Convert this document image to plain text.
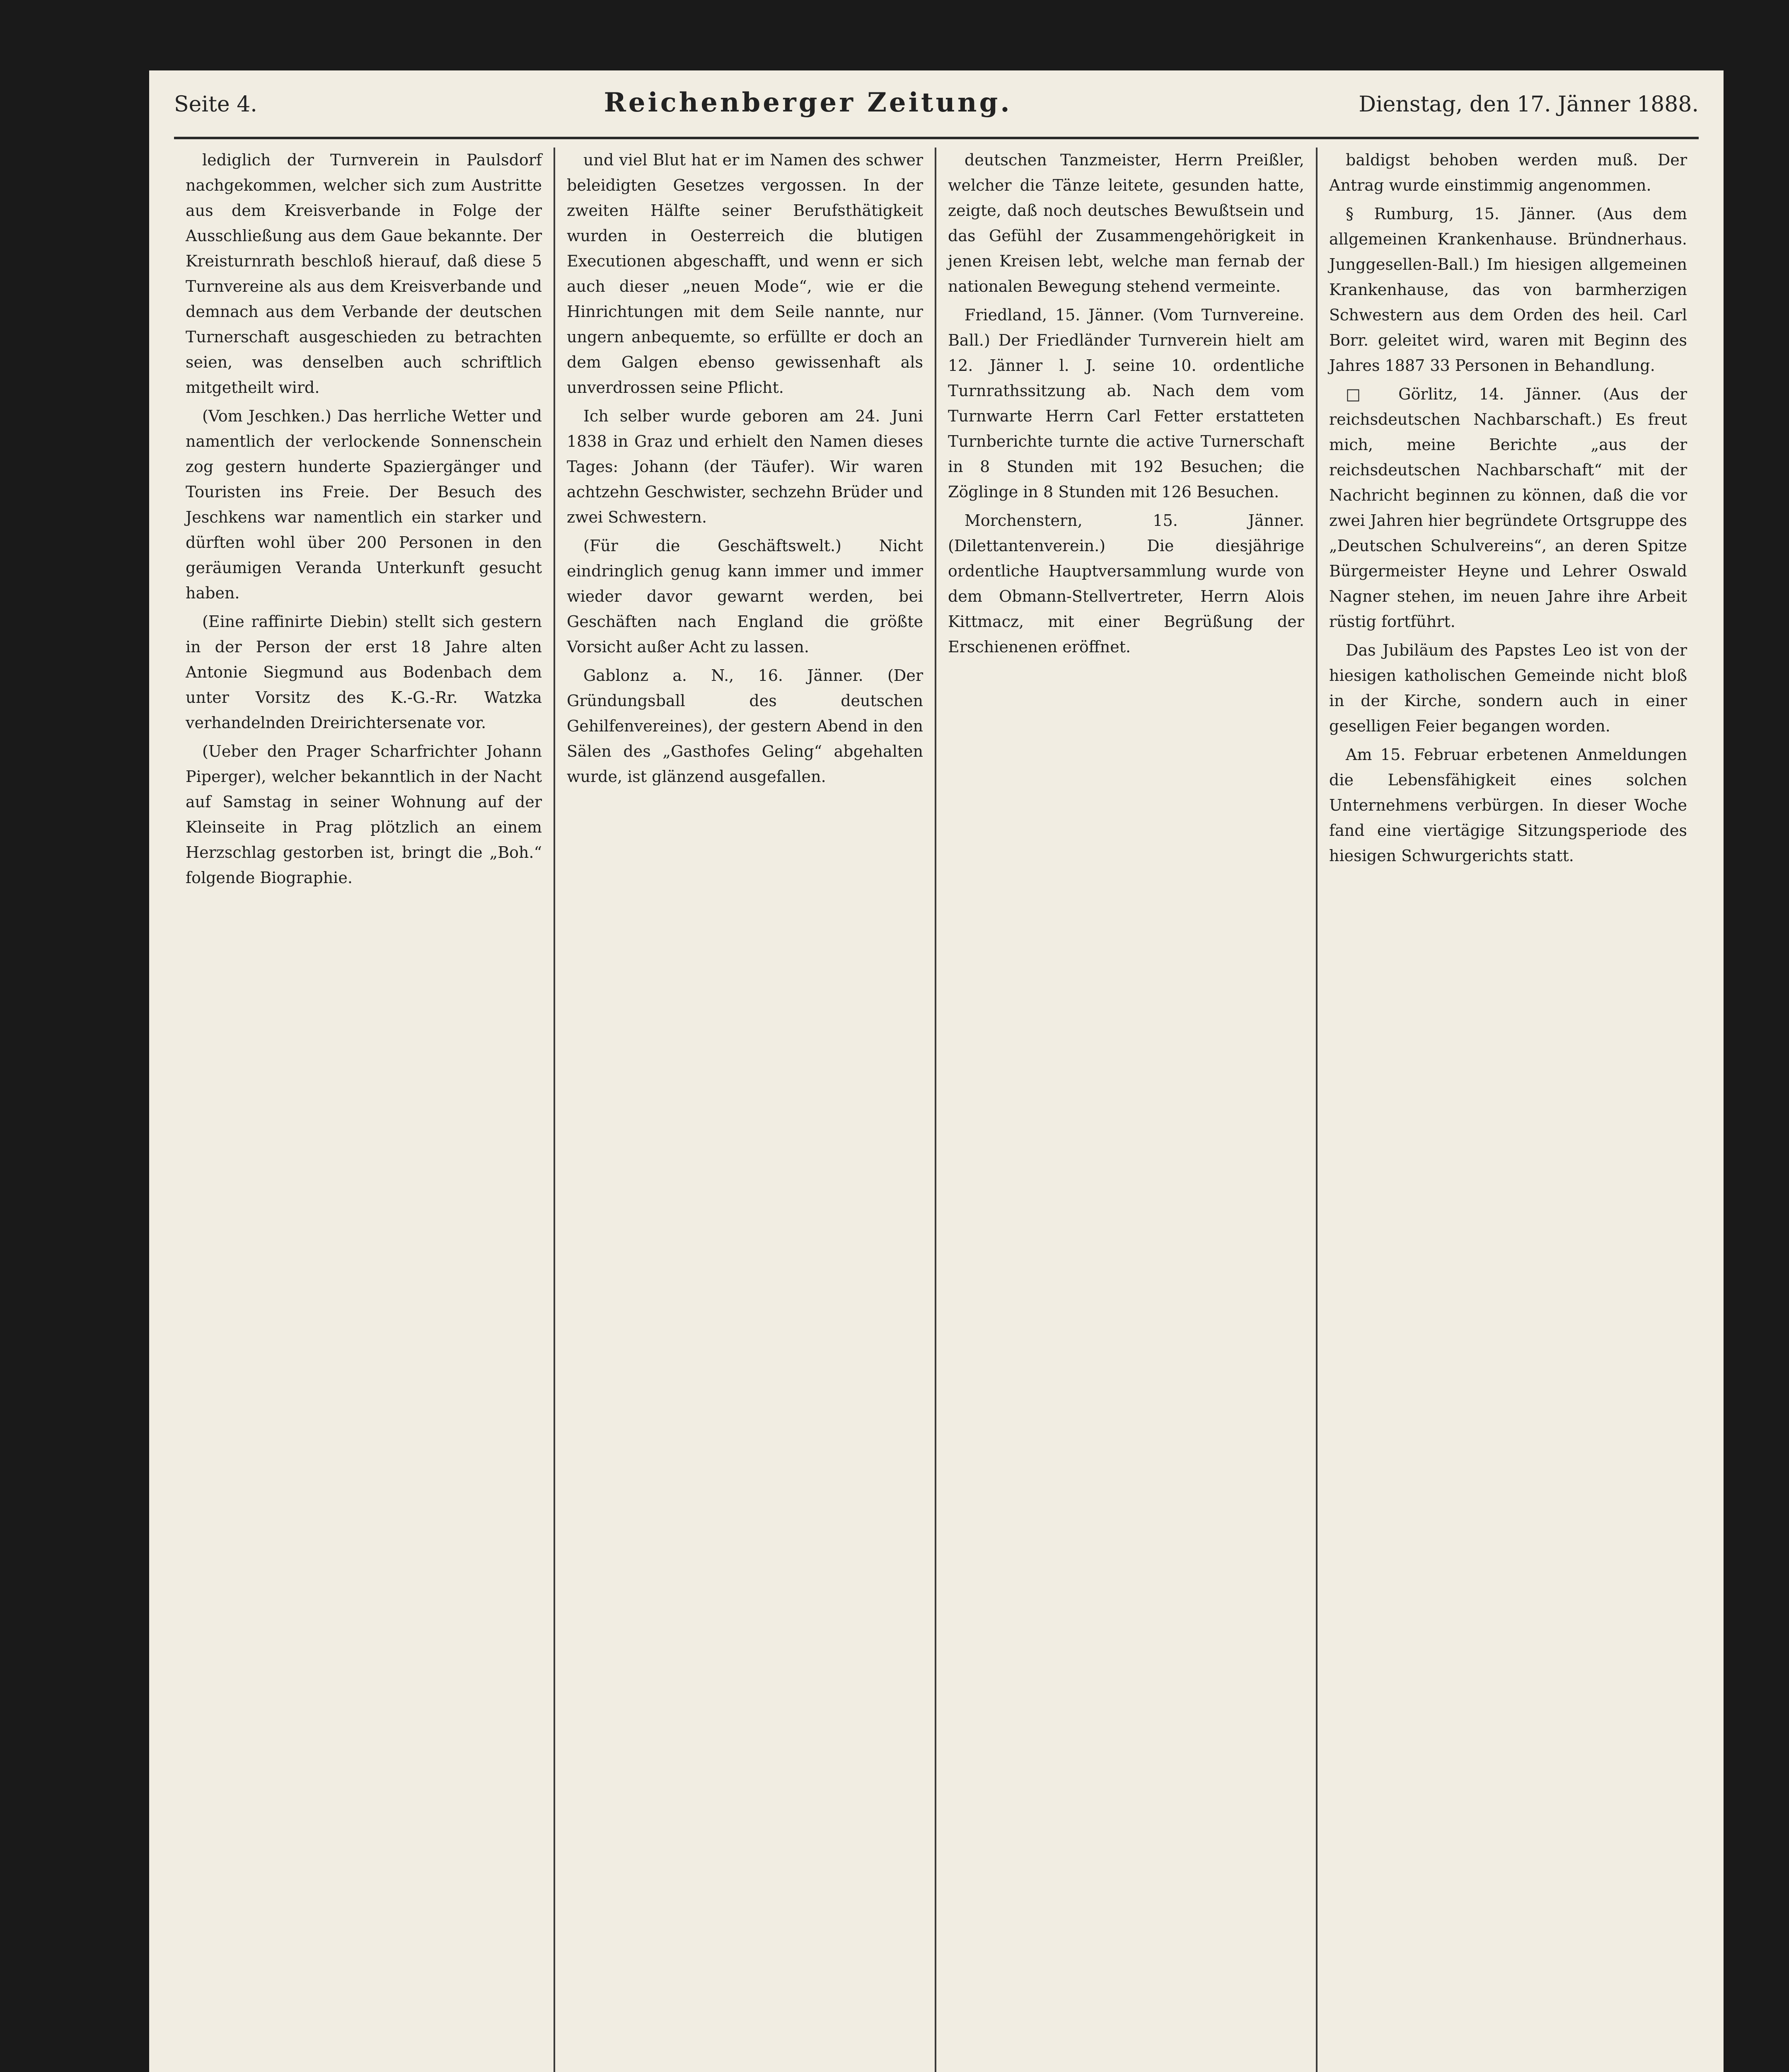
Seite 4.	Reichenberger Zeitung.	Dienstag, den 17. Jänner 1888.

lediglich der Turnverein in Paulsdorf nachgekommen, welcher sich zum Austritte aus dem Kreisverbande in Folge der Ausschließung aus dem Gaue bekannte. Der Kreisturnrath beschloß hierauf, daß diese 5 Turnvereine als aus dem Kreisverbande und demnach aus dem Verbande der deutschen Turnerschaft ausgeschieden zu betrachten seien, was denselben auch schriftlich mitgetheilt wird.

(Vom Jeschken.) Das herrliche Wetter und namentlich der verlockende Sonnenschein zog gestern hunderte Spaziergänger und Touristen ins Freie. Der Besuch des Jeschkens war namentlich ein starker und dürften wohl über 200 Personen in den geräumigen Veranda Unterkunft gesucht haben.

(Eine raffinirte Diebin) stellt sich gestern in der Person der erst 18 Jahre alten Antonie Siegmund aus Bodenbach dem unter Vorsitz des K.-G.-Rr. Watzka verhandelnden Dreirichtersenate vor.

(Ueber den Prager Scharfrichter Johann Piperger), welcher bekanntlich in der Nacht auf Samstag in seiner Wohnung auf der Kleinseite in Prag plötzlich an einem Herzschlag gestorben ist, bringt die „Boh.“ folgende Biographie.

und viel Blut hat er im Namen des schwer beleidigten Gesetzes vergossen. In der zweiten Hälfte seiner Berufsthätigkeit wurden in Oesterreich die blutigen Executionen abgeschafft, und wenn er sich auch dieser „neuen Mode“, wie er die Hinrichtungen mit dem Seile nannte, nur ungern anbequemte, so erfüllte er doch an dem Galgen ebenso gewissenhaft als unverdrossen seine Pflicht.

Ich selber wurde geboren am 24. Juni 1838 in Graz und erhielt den Namen dieses Tages: Johann (der Täufer). Wir waren achtzehn Geschwister, sechzehn Brüder und zwei Schwestern.

(Für die Geschäftswelt.) Nicht eindringlich genug kann immer und immer wieder davor gewarnt werden, bei Geschäften nach England die größte Vorsicht außer Acht zu lassen.

Gablonz a. N., 16. Jänner. (Der Gründungsball des deutschen Gehilfenvereines), der gestern Abend in den Sälen des „Gasthofes Geling“ abgehalten wurde, ist glänzend ausgefallen.

deutschen Tanzmeister, Herrn Preißler, welcher die Tänze leitete, gesunden hatte, zeigte, daß noch deutsches Bewußtsein und das Gefühl der Zusammengehörigkeit in jenen Kreisen lebt, welche man fernab der nationalen Bewegung stehend vermeinte.

Friedland, 15. Jänner. (Vom Turnvereine. Ball.) Der Friedländer Turnverein hielt am 12. Jänner l. J. seine 10. ordentliche Turnrathssitzung ab. Nach dem vom Turnwarte Herrn Carl Fetter erstatteten Turnberichte turnte die active Turnerschaft in 8 Stunden mit 192 Besuchen; die Zöglinge in 8 Stunden mit 126 Besuchen.

Morchenstern, 15. Jänner. (Dilettantenverein.) Die diesjährige ordentliche Hauptversammlung wurde von dem Obmann-Stellvertreter, Herrn Alois Kittmacz, mit einer Begrüßung der Erschienenen eröffnet.

baldigst behoben werden muß. Der Antrag wurde einstimmig angenommen.

§ Rumburg, 15. Jänner. (Aus dem allgemeinen Krankenhause. Bründnerhaus. Junggesellen-Ball.) Im hiesigen allgemeinen Krankenhause, das von barmherzigen Schwestern aus dem Orden des heil. Carl Borr. geleitet wird, waren mit Beginn des Jahres 1887 33 Personen in Behandlung.

□ Görlitz, 14. Jänner. (Aus der reichsdeutschen Nachbarschaft.) Es freut mich, meine Berichte „aus der reichsdeutschen Nachbarschaft“ mit der Nachricht beginnen zu können, daß die vor zwei Jahren hier begründete Ortsgruppe des „Deutschen Schulvereins“, an deren Spitze Bürgermeister Heyne und Lehrer Oswald Nagner stehen, im neuen Jahre ihre Arbeit rüstig fortführt.

Das Jubiläum des Papstes Leo ist von der hiesigen katholischen Gemeinde nicht bloß in der Kirche, sondern auch in einer geselligen Feier begangen worden.

Am 15. Februar erbetenen Anmeldungen die Lebensfähigkeit eines solchen Unternehmens verbürgen. In dieser Woche fand eine viertägige Sitzungsperiode des hiesigen Schwurgerichts statt.
